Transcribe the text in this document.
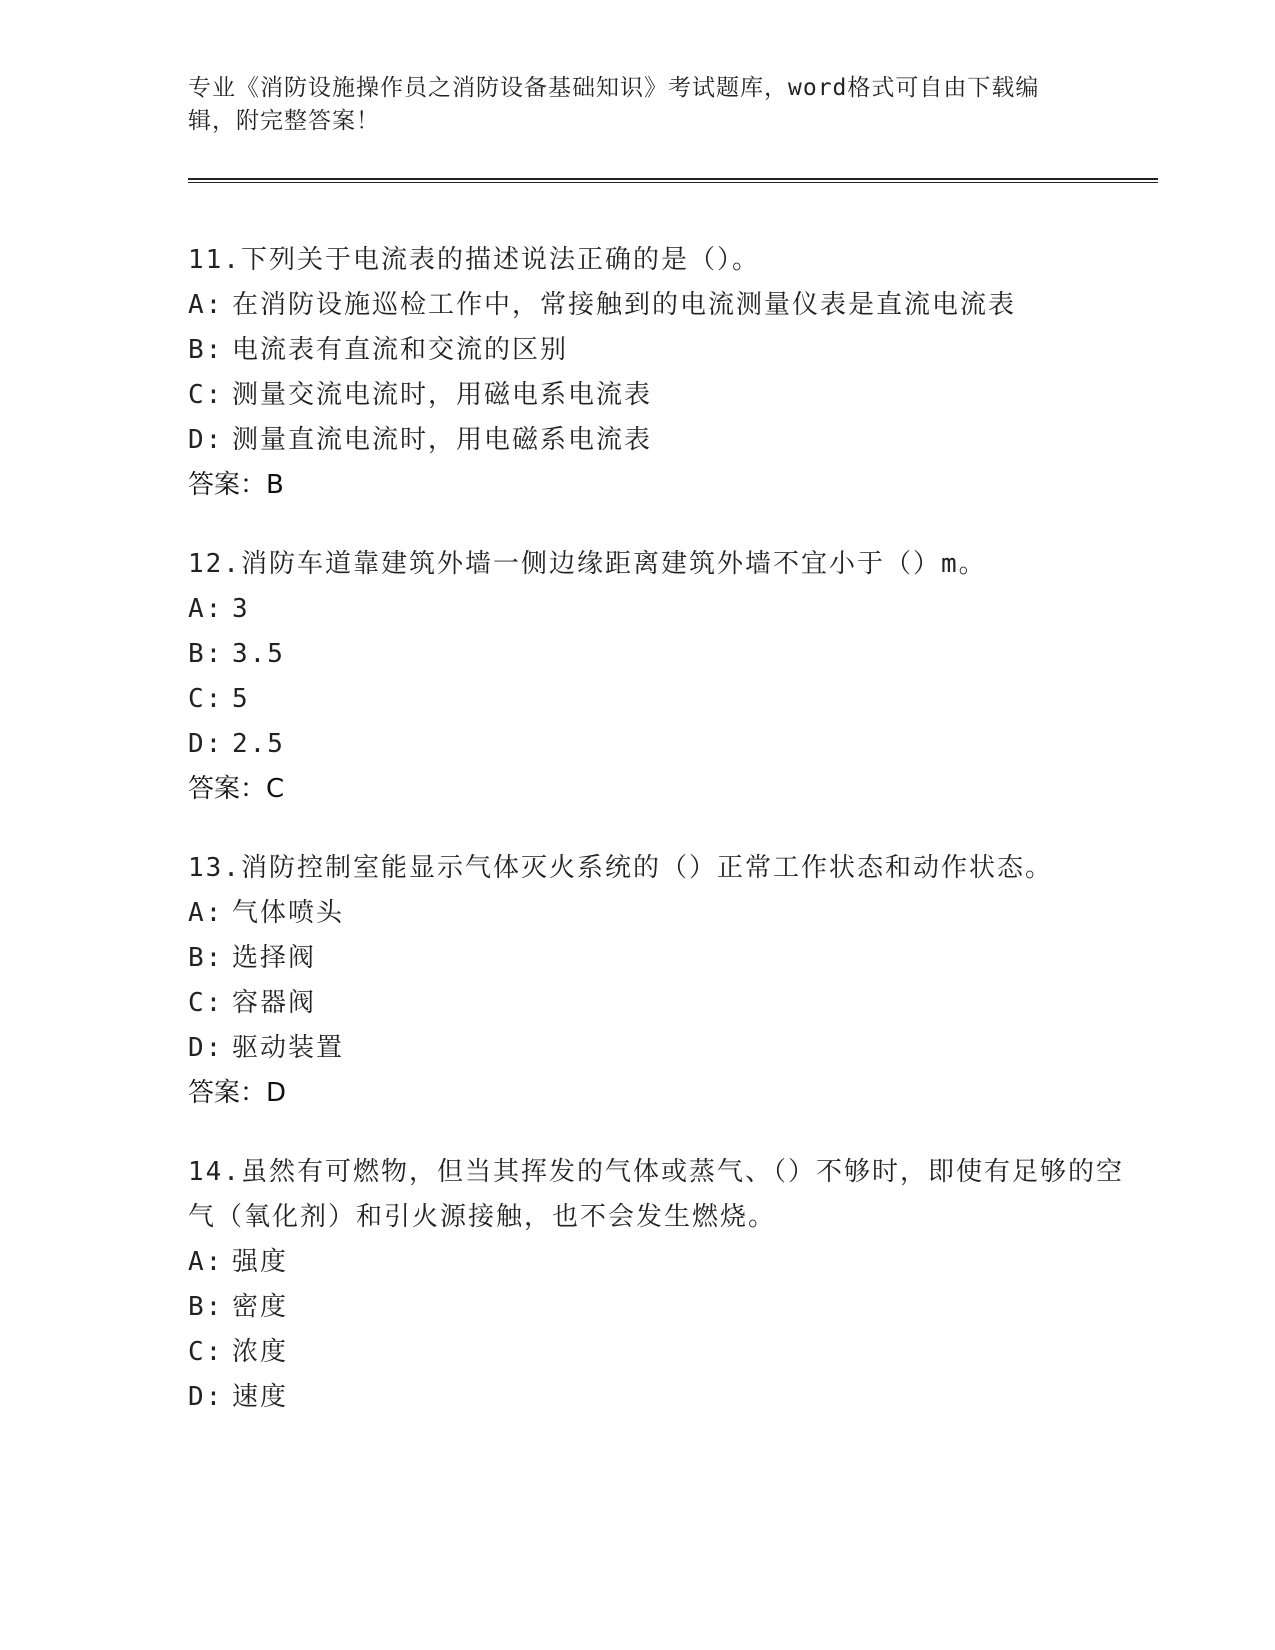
专业《消防设施操作员之消防设备基础知识》考试题库，word格式可自由下载编辑，附完整答案！
11.下列关于电流表的描述说法正确的是（）。
A: 在消防设施巡检工作中，常接触到的电流测量仪表是直流电流表
B: 电流表有直流和交流的区别
C: 测量交流电流时，用磁电系电流表
D: 测量直流电流时，用电磁系电流表
答案：B
12.消防车道靠建筑外墙一侧边缘距离建筑外墙不宜小于（）m。
A: 3
B: 3.5
C: 5
D: 2.5
答案：C
13.消防控制室能显示气体灭火系统的（）正常工作状态和动作状态。
A: 气体喷头
B: 选择阀
C: 容器阀
D: 驱动装置
答案：D
14.虽然有可燃物，但当其挥发的气体或蒸气、（）不够时，即使有足够的空气（氧化剂）和引火源接触，也不会发生燃烧。
A: 强度
B: 密度
C: 浓度
D: 速度
